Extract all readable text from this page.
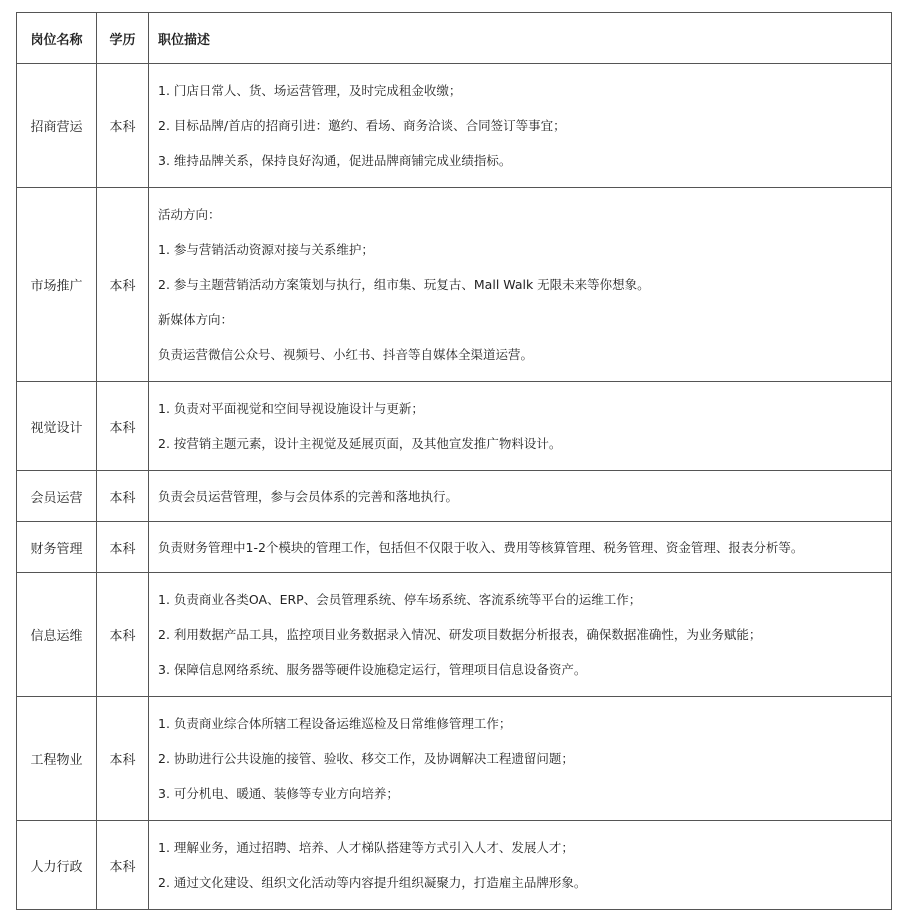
岗位名称	学历	职位描述
招商营运	本科	1. 门店日常人、货、场运营管理，及时完成租金收缴；
2. 目标品牌/首店的招商引进：邀约、看场、商务洽谈、合同签订等事宜；
3. 维持品牌关系，保持良好沟通，促进品牌商铺完成业绩指标。

市场推广	本科	活动方向：
1. 参与营销活动资源对接与关系维护；
2. 参与主题营销活动方案策划与执行，组市集、玩复古、Mall Walk 无限未来等你想象。
新媒体方向：
负责运营微信公众号、视频号、小红书、抖音等自媒体全渠道运营。

视觉设计	本科	1. 负责对平面视觉和空间导视设施设计与更新；
2. 按营销主题元素，设计主视觉及延展页面，及其他宣发推广物料设计。

会员运营	本科	负责会员运营管理，参与会员体系的完善和落地执行。

财务管理	本科	负责财务管理中1-2个模块的管理工作，包括但不仅限于收入、费用等核算管理、税务管理、资金管理、报表分析等。

信息运维	本科	1. 负责商业各类OA、ERP、会员管理系统、停车场系统、客流系统等平台的运维工作；
2. 利用数据产品工具，监控项目业务数据录入情况、研发项目数据分析报表，确保数据准确性，为业务赋能；
3. 保障信息网络系统、服务器等硬件设施稳定运行，管理项目信息设备资产。

工程物业	本科	1. 负责商业综合体所辖工程设备运维巡检及日常维修管理工作；
2. 协助进行公共设施的接管、验收、移交工作，及协调解决工程遗留问题；
3. 可分机电、暖通、装修等专业方向培养；

人力行政	本科	1. 理解业务，通过招聘、培养、人才梯队搭建等方式引入人才、发展人才；
2. 通过文化建设、组织文化活动等内容提升组织凝聚力，打造雇主品牌形象。
